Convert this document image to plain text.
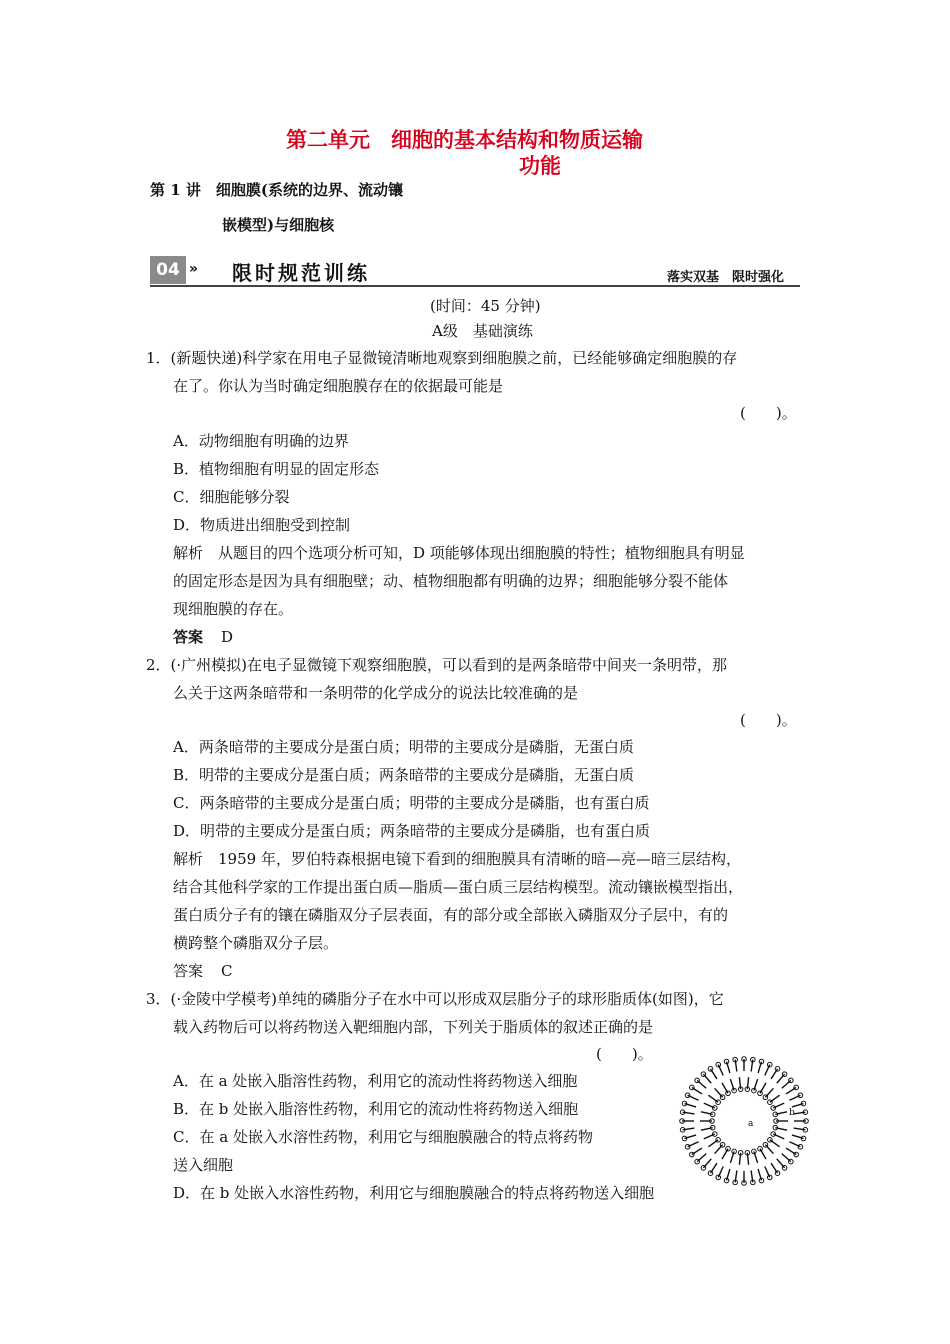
第二单元　细胞的基本结构和物质运输
功能
第 1 讲　细胞膜(系统的边界、流动镶
嵌模型)与细胞核
04 » 限时规范训练	落实双基　限时强化
(时间：45 分钟)
A级　基础演练
1．(新题快递)科学家在用电子显微镜清晰地观察到细胞膜之前，已经能够确定细胞膜的存
在了。你认为当时确定细胞膜存在的依据最可能是
(　　)。
A．动物细胞有明确的边界
B．植物细胞有明显的固定形态
C．细胞能够分裂
D．物质进出细胞受到控制
解析　从题目的四个选项分析可知，D 项能够体现出细胞膜的特性；植物细胞具有明显
的固定形态是因为具有细胞壁；动、植物细胞都有明确的边界；细胞能够分裂不能体
现细胞膜的存在。
答案 D
2．(·广州模拟)在电子显微镜下观察细胞膜，可以看到的是两条暗带中间夹一条明带，那
么关于这两条暗带和一条明带的化学成分的说法比较准确的是
(　　)。
A．两条暗带的主要成分是蛋白质；明带的主要成分是磷脂，无蛋白质
B．明带的主要成分是蛋白质；两条暗带的主要成分是磷脂，无蛋白质
C．两条暗带的主要成分是蛋白质；明带的主要成分是磷脂，也有蛋白质
D．明带的主要成分是蛋白质；两条暗带的主要成分是磷脂，也有蛋白质
解析　1959 年，罗伯特森根据电镜下看到的细胞膜具有清晰的暗—亮—暗三层结构，
结合其他科学家的工作提出蛋白质—脂质—蛋白质三层结构模型。流动镶嵌模型指出，
蛋白质分子有的镶在磷脂双分子层表面，有的部分或全部嵌入磷脂双分子层中，有的
横跨整个磷脂双分子层。
答案 C
3．(·金陵中学模考)单纯的磷脂分子在水中可以形成双层脂分子的球形脂质体(如图)，它
载入药物后可以将药物送入靶细胞内部，下列关于脂质体的叙述正确的是
(　　)。
A．在 a 处嵌入脂溶性药物，利用它的流动性将药物送入细胞
B．在 b 处嵌入脂溶性药物，利用它的流动性将药物送入细胞
C．在 a 处嵌入水溶性药物，利用它与细胞膜融合的特点将药物
送入细胞
D．在 b 处嵌入水溶性药物，利用它与细胞膜融合的特点将药物送入细胞
a
b
